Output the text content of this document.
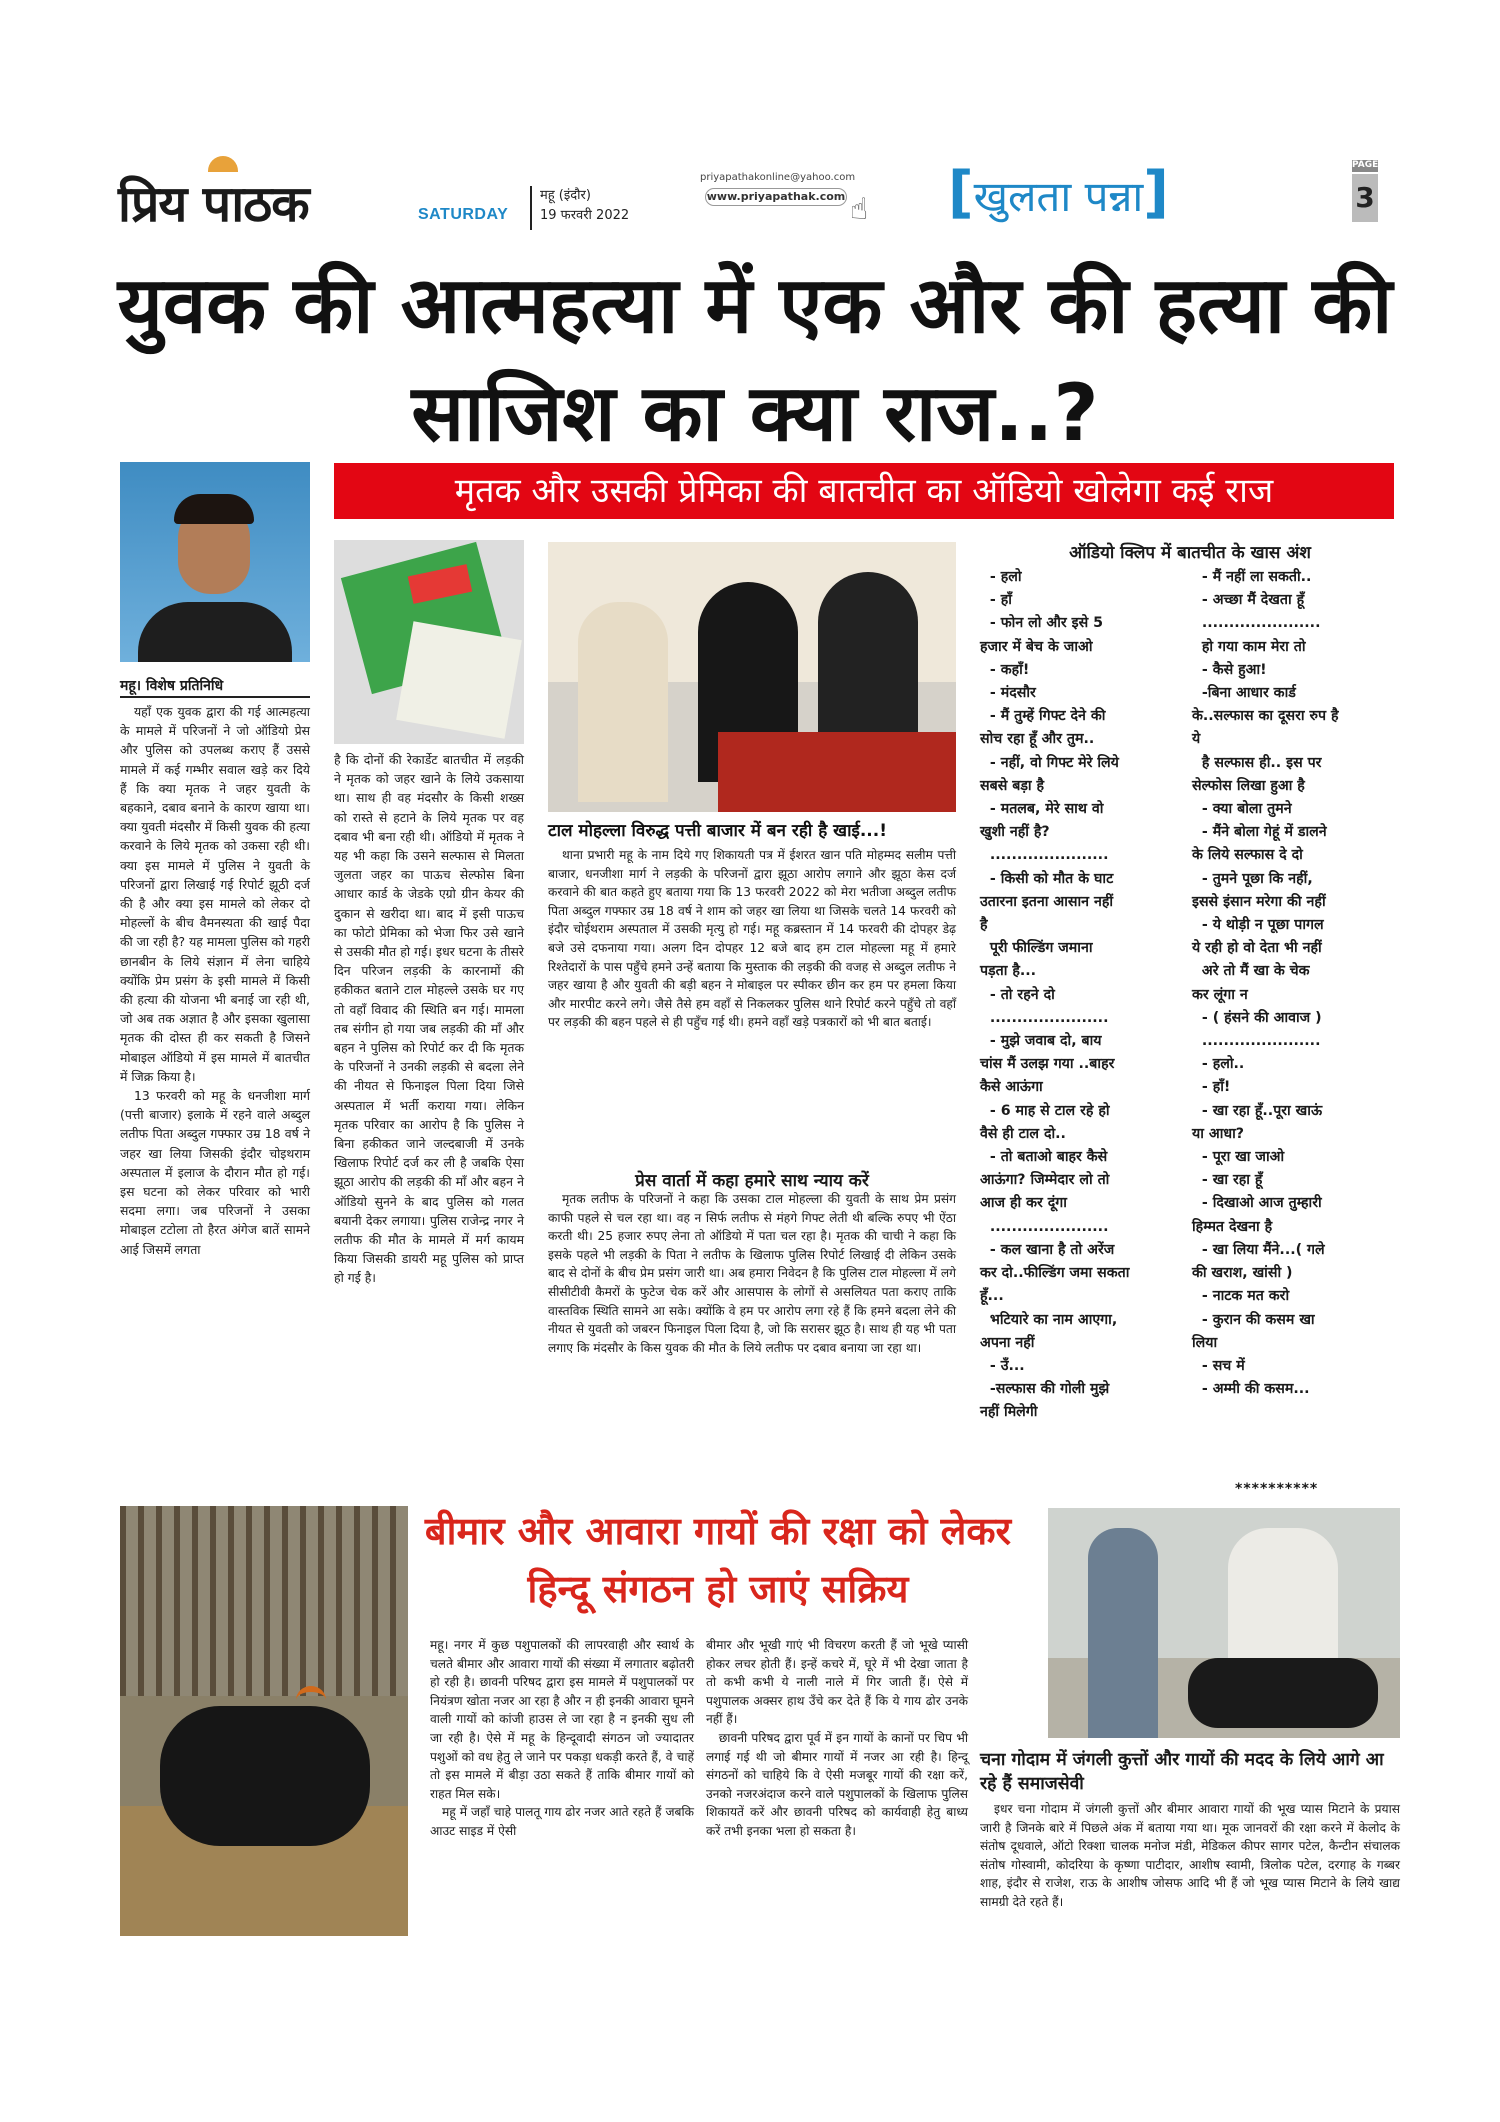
प्रिय पाठक	SATURDAY
महू (इंदौर)
19 फरवरी 2022
priyapathakonline@yahoo.com
www.priyapathak.com ☝ [खुलता पन्ना]	PAGE
3
युवक की आत्महत्या में एक और की हत्या की साजिश का क्या राज..?
मृतक और उसकी प्रेमिका की बातचीत का ऑडियो खोलेगा कई राज
महू। विशेष प्रतिनिधि

यहाँ एक युवक द्वारा की गई आत्महत्या के मामले में परिजनों ने जो ऑडियो प्रेस और पुलिस को उपलब्ध कराए हैं उससे मामले में कई गम्भीर सवाल खड़े कर दिये हैं कि क्या मृतक ने जहर युवती के बहकाने, दबाव बनाने के कारण खाया था। क्या युवती मंदसौर में किसी युवक की हत्या करवाने के लिये मृतक को उकसा रही थी। क्या इस मामले में पुलिस ने युवती के परिजनों द्वारा लिखाई गई रिपोर्ट झूठी दर्ज की है और क्या इस मामले को लेकर दो मोहल्लों के बीच वैमनस्यता की खाई पैदा की जा रही है? यह मामला पुलिस को गहरी छानबीन के लिये संज्ञान में लेना चाहिये क्योंकि प्रेम प्रसंग के इसी मामले में किसी की हत्या की योजना भी बनाई जा रही थी, जो अब तक अज्ञात है और इसका खुलासा मृतक की दोस्त ही कर सकती है जिसने मोबाइल ऑडियो में इस मामले में बातचीत में जिक्र किया है।

13 फरवरी को महू के धनजीशा मार्ग (पत्ती बाजार) इलाके में रहने वाले अब्दुल लतीफ पिता अब्दुल गफ्फार उम्र 18 वर्ष ने जहर खा लिया जिसकी इंदौर चोइथराम अस्पताल में इलाज के दौरान मौत हो गई। इस घटना को लेकर परिवार को भारी सदमा लगा। जब परिजनों ने उसका मोबाइल टटोला तो हैरत अंगेज बातें सामने आई जिसमें लगता

है कि दोनों की रेकार्डेट बातचीत में लड़की ने मृतक को जहर खाने के लिये उकसाया था। साथ ही वह मंदसौर के किसी शख्स को रास्ते से हटाने के लिये मृतक पर वह दबाव भी बना रही थी। ऑडियो में मृतक ने यह भी कहा कि उसने सल्फास से मिलता जुलता जहर का पाऊच सेल्फोस बिना आधार कार्ड के जेडके एग्रो ग्रीन केयर की दुकान से खरीदा था। बाद में इसी पाऊच का फोटो प्रेमिका को भेजा फिर उसे खाने से उसकी मौत हो गई। इधर घटना के तीसरे दिन परिजन लड़की के कारनामों की हकीकत बताने टाल मोहल्ले उसके घर गए तो वहाँ विवाद की स्थिति बन गई। मामला तब संगीन हो गया जब लड़की की माँ और बहन ने पुलिस को रिपोर्ट कर दी कि मृतक के परिजनों ने उनकी लड़की से बदला लेने की नीयत से फिनाइल पिला दिया जिसे अस्पताल में भर्ती कराया गया। लेकिन मृतक परिवार का आरोप है कि पुलिस ने बिना हकीकत जाने जल्दबाजी में उनके खिलाफ रिपोर्ट दर्ज कर ली है जबकि ऐसा झूठा आरोप की लड़की की माँ और बहन ने ऑडियो सुनने के बाद पुलिस को गलत बयानी देकर लगाया। पुलिस राजेन्द्र नगर ने लतीफ की मौत के मामले में मर्ग कायम किया जिसकी डायरी महू पुलिस को प्राप्त हो गई है।

टाल मोहल्ला विरुद्ध पत्ती बाजार में बन रही है खाई...!

थाना प्रभारी महू के नाम दिये गए शिकायती पत्र में ईशरत खान पति मोहम्मद सलीम पत्ती बाजार, धनजीशा मार्ग ने लड़की के परिजनों द्वारा झूठा आरोप लगाने और झूठा केस दर्ज करवाने की बात कहते हुए बताया गया कि 13 फरवरी 2022 को मेरा भतीजा अब्दुल लतीफ पिता अब्दुल गफ्फार उम्र 18 वर्ष ने शाम को जहर खा लिया था जिसके चलते 14 फरवरी को इंदौर चोईथराम अस्पताल में उसकी मृत्यु हो गई। महू कब्रस्तान में 14 फरवरी की दोपहर डेढ़ बजे उसे दफनाया गया। अलग दिन दोपहर 12 बजे बाद हम टाल मोहल्ला महू में हमारे रिश्तेदारों के पास पहुँचे हमने उन्हें बताया कि मुस्ताक की लड़की की वजह से अब्दुल लतीफ ने जहर खाया है और युवती की बड़ी बहन ने मोबाइल पर स्पीकर छीन कर हम पर हमला किया और मारपीट करने लगे। जैसे तैसे हम वहाँ से निकलकर पुलिस थाने रिपोर्ट करने पहुँचे तो वहाँ पर लड़की की बहन पहले से ही पहुँच गई थी। हमने वहाँ खड़े पत्रकारों को भी बात बताई।

प्रेस वार्ता में कहा हमारे साथ न्याय करें

मृतक लतीफ के परिजनों ने कहा कि उसका टाल मोहल्ला की युवती के साथ प्रेम प्रसंग काफी पहले से चल रहा था। वह न सिर्फ लतीफ से मंहगे गिफ्ट लेती थी बल्कि रुपए भी ऐंठा करती थी। 25 हजार रुपए लेना तो ऑडियो में पता चल रहा है। मृतक की चाची ने कहा कि इसके पहले भी लड़की के पिता ने लतीफ के खिलाफ पुलिस रिपोर्ट लिखाई दी लेकिन उसके बाद से दोनों के बीच प्रेम प्रसंग जारी था। अब हमारा निवेदन है कि पुलिस टाल मोहल्ला में लगे सीसीटीवी कैमरों के फुटेज चेक करें और आसपास के लोगों से असलियत पता कराए ताकि वास्तविक स्थिति सामने आ सके। क्योंकि वे हम पर आरोप लगा रहे हैं कि हमने बदला लेने की नीयत से युवती को जबरन फिनाइल पिला दिया है, जो कि सरासर झूठ है। साथ ही यह भी पता लगाए कि मंदसौर के किस युवक की मौत के लिये लतीफ पर दबाव बनाया जा रहा था।

ऑडियो क्लिप में बातचीत के खास अंश
- हलो
- हाँ
- फोन लो और इसे 5
हजार में बेच के जाओ
- कहाँ!
- मंदसौर
- मैं तुम्हें गिफ्ट देने की
सोच रहा हूँ और तुम..
- नहीं, वो गिफ्ट मेरे लिये
सबसे बड़ा है
- मतलब, मेरे साथ वो
खुशी नहीं है?
......................
- किसी को मौत के घाट
उतारना इतना आसान नहीं
है
पूरी फील्डिंग जमाना
पड़ता है...
- तो रहने दो
......................
- मुझे जवाब दो, बाय
चांस मैं उलझ गया ..बाहर
कैसे आऊंगा
- 6 माह से टाल रहे हो
वैसे ही टाल दो..
- तो बताओ बाहर कैसे
आऊंगा? जिम्मेदार लो तो
आज ही कर दूंगा
......................
- कल खाना है तो अरेंज
कर दो..फील्डिंग जमा सकता
हूँ...
भटियारे का नाम आएगा,
अपना नहीं
- उँ...
-सल्फास की गोली मुझे
नहीं मिलेगी
- मैं नहीं ला सकती..
- अच्छा मैं देखता हूँ
......................
हो गया काम मेरा तो
- कैसे हुआ!
-बिना आधार कार्ड
के..सल्फास का दूसरा रुप है
ये
है सल्फास ही.. इस पर
सेल्फोस लिखा हुआ है
- क्या बोला तुमने
- मैंने बोला गेहूं में डालने
के लिये सल्फास दे दो
- तुमने पूछा कि नहीं,
इससे इंसान मरेगा की नहीं
- ये थोड़ी न पूछा पागल
ये रही हो वो देता भी नहीं
अरे तो मैं खा के चेक
कर लूंगा न
- ( हंसने की आवाज )
......................
- हलो..
- हाँ!
- खा रहा हूँ..पूरा खाऊं
या आधा?
- पूरा खा जाओ
- खा रहा हूँ
- दिखाओ आज तुम्हारी
हिम्मत देखना है
- खा लिया मैंने...( गले
की खराश, खांसी )
- नाटक मत करो
- कुरान की कसम खा
लिया
- सच में
- अम्मी की कसम...
**********
बीमार और आवारा गायों की रक्षा को लेकर हिन्दू संगठन हो जाएं सक्रिय
महू। नगर में कुछ पशुपालकों की लापरवाही और स्वार्थ के चलते बीमार और आवारा गायों की संख्या में लगातार बढ़ोतरी हो रही है। छावनी परिषद द्वारा इस मामले में पशुपालकों पर नियंत्रण खोता नजर आ रहा है और न ही इनकी आवारा घूमने वाली गायों को कांजी हाउस ले जा रहा है न इनकी सुध ली जा रही है। ऐसे में महू के हिन्दूवादी संगठन जो ज्यादातर पशुओं को वध हेतु ले जाने पर पकड़ा धकड़ी करते हैं, वे चाहें तो इस मामले में बीड़ा उठा सकते हैं ताकि बीमार गायों को राहत मिल सके।
महू में जहाँ चाहे पालतू गाय ढोर नजर आते रहते हैं जबकि आउट साइड में ऐसी
बीमार और भूखी गाएं भी विचरण करती हैं जो भूखे प्यासी होकर लचर होती हैं। इन्हें कचरे में, घूरे में भी देखा जाता है तो कभी कभी ये नाली नाले में गिर जाती हैं। ऐसे में पशुपालक अक्सर हाथ उँचे कर देते हैं कि ये गाय ढोर उनके नहीं हैं।
छावनी परिषद द्वारा पूर्व में इन गायों के कानों पर चिप भी लगाई गई थी जो बीमार गायों में नजर आ रही है। हिन्दू संगठनों को चाहिये कि वे ऐसी मजबूर गायों की रक्षा करें, उनको नजरअंदाज करने वाले पशुपालकों के खिलाफ पुलिस शिकायतें करें और छावनी परिषद को कार्यवाही हेतु बाध्य करें तभी इनका भला हो सकता है।
चना गोदाम में जंगली कुत्तों और गायों की मदद के लिये आगे आ रहे हैं समाजसेवी

इधर चना गोदाम में जंगली कुत्तों और बीमार आवारा गायों की भूख प्यास मिटाने के प्रयास जारी है जिनके बारे में पिछले अंक में बताया गया था। मूक जानवरों की रक्षा करने में केलोद के संतोष दूधवाले, ऑटो रिक्शा चालक मनोज मंडी, मेडिकल कीपर सागर पटेल, कैन्टीन संचालक संतोष गोस्वामी, कोदरिया के कृष्णा पाटीदार, आशीष स्वामी, त्रिलोक पटेल, दरगाह के गब्बर शाह, इंदौर से राजेश, राऊ के आशीष जोसफ आदि भी हैं जो भूख प्यास मिटाने के लिये खाद्य सामग्री देते रहते हैं।
